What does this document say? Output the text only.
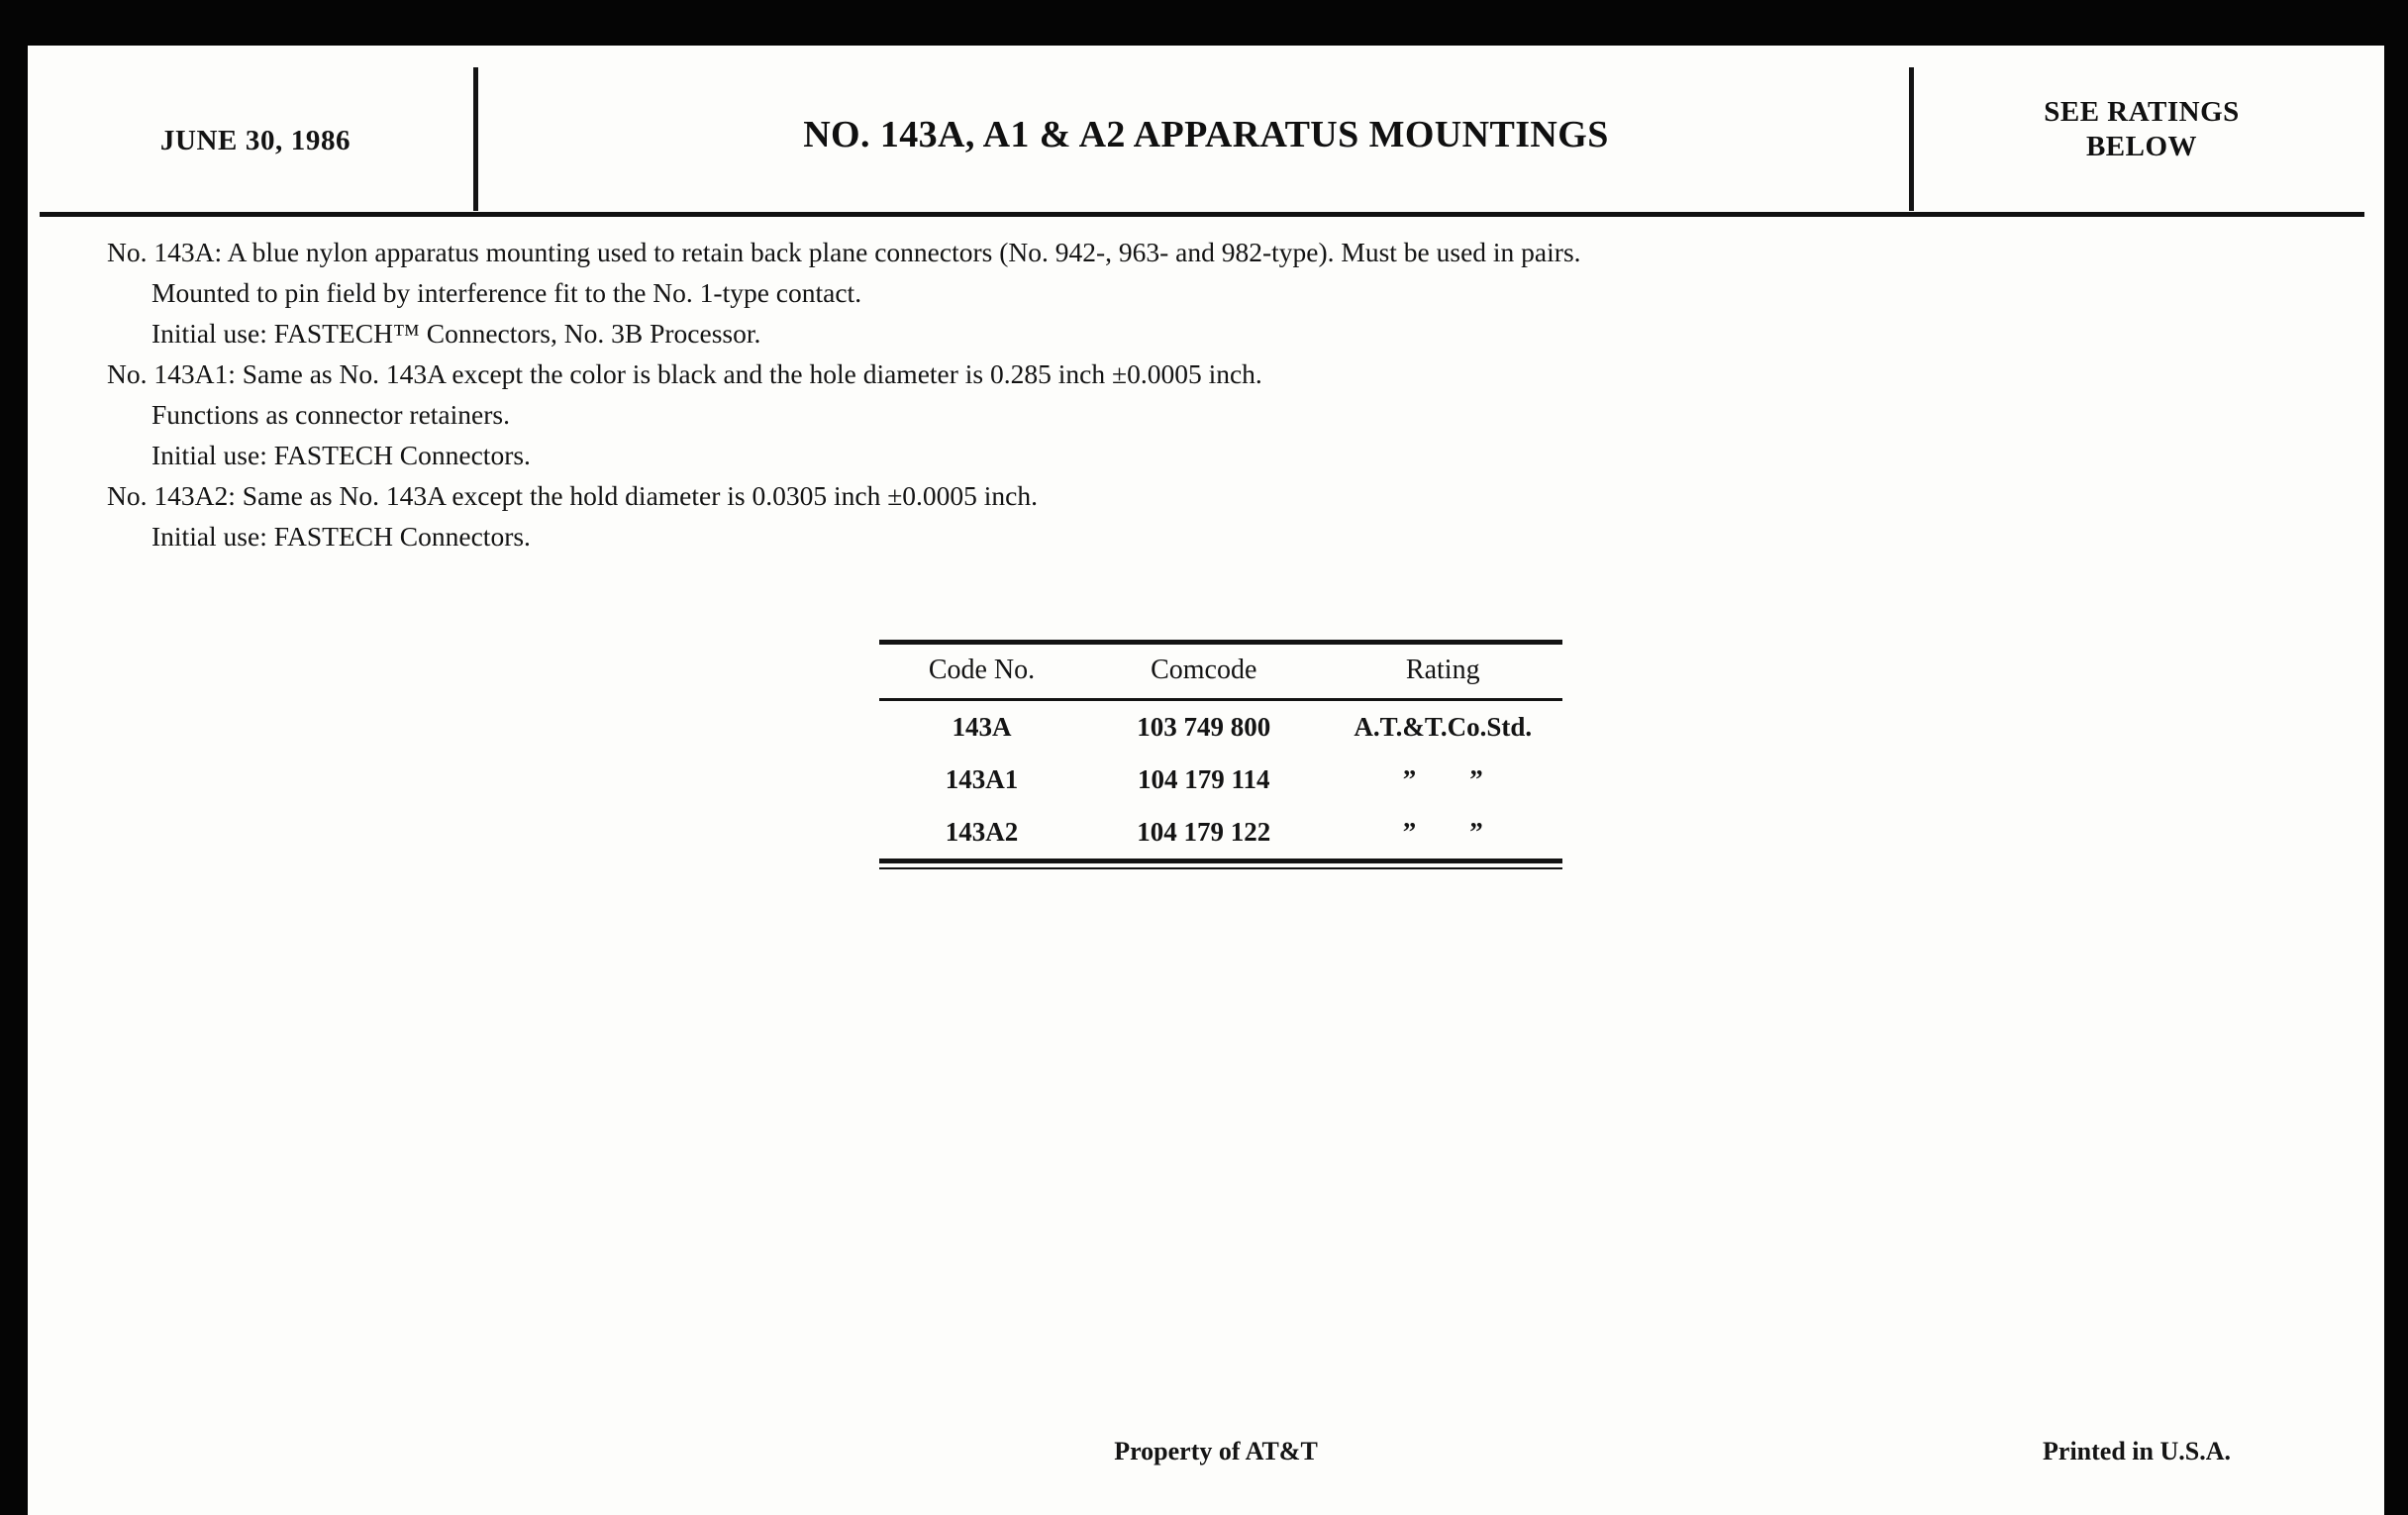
JUNE 30, 1986	NO. 143A, A1 & A2 APPARATUS MOUNTINGS
SEE RATINGS
BELOW
No. 143A: A blue nylon apparatus mounting used to retain back plane connectors (No. 942-, 963- and 982-type). Must be used in pairs.
Mounted to pin field by interference fit to the No. 1-type contact.
Initial use: FASTECH™ Connectors, No. 3B Processor.
No. 143A1: Same as No. 143A except the color is black and the hole diameter is 0.285 inch ±0.0005 inch.
Functions as connector retainers.
Initial use: FASTECH Connectors.
No. 143A2: Same as No. 143A except the hold diameter is 0.0305 inch ±0.0005 inch.
Initial use: FASTECH Connectors.
Code No.	Comcode	Rating
143A	103 749 800	A.T.&T.Co.Std.
143A1	104 179 114	”  ”
143A2	104 179 122	”  ”
Property of AT&T	Printed in U.S.A.
